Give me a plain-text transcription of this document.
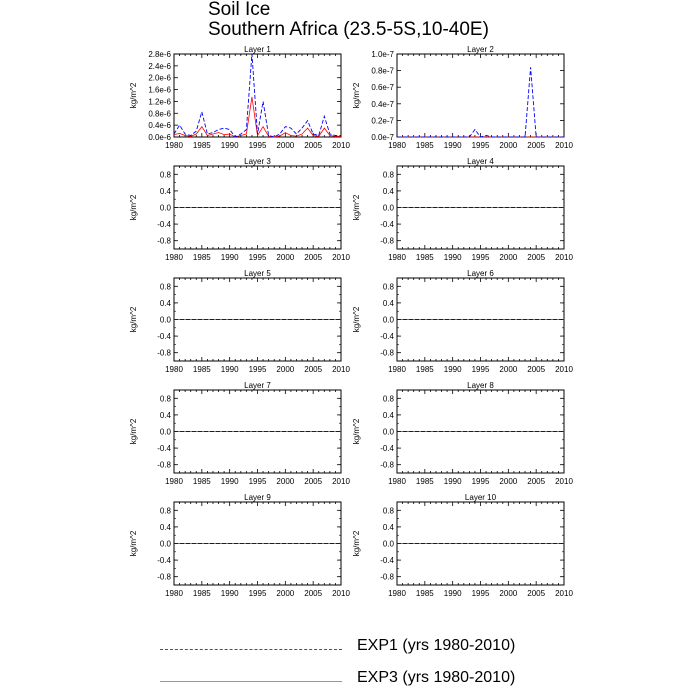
Soil Ice
Southern Africa (23.5-5S,10-40E)
Layer 1
kg/m^2
1980 1985 1990 1995 2000 2005 2010
0.0e-6
0.4e-6
0.8e-6
1.2e-6
1.6e-6
2.0e-6
2.4e-6
2.8e-6
Layer 2
kg/m^2
1980 1985 1990 1995 2000 2005 2010
0.0e-7
0.2e-7
0.4e-7
0.6e-7
0.8e-7
1.0e-7
Layer 3
kg/m^2
1980 1985 1990 1995 2000 2005 2010
0.8
0.4
0.0
-0.4
-0.8
Layer 4
kg/m^2
1980 1985 1990 1995 2000 2005 2010
0.8
0.4
0.0
-0.4
-0.8
Layer 5
kg/m^2
1980 1985 1990 1995 2000 2005 2010
0.8
0.4
0.0
-0.4
-0.8
Layer 6
kg/m^2
1980 1985 1990 1995 2000 2005 2010
0.8
0.4
0.0
-0.4
-0.8
Layer 7
kg/m^2
1980 1985 1990 1995 2000 2005 2010
0.8
0.4
0.0
-0.4
-0.8
Layer 8
kg/m^2
1980 1985 1990 1995 2000 2005 2010
0.8
0.4
0.0
-0.4
-0.8
Layer 9
kg/m^2
1980 1985 1990 1995 2000 2005 2010
0.8
0.4
0.0
-0.4
-0.8
Layer 10
kg/m^2
1980 1985 1990 1995 2000 2005 2010
0.8
0.4
0.0
-0.4
-0.8
EXP1 (yrs 1980-2010)
EXP3 (yrs 1980-2010)
